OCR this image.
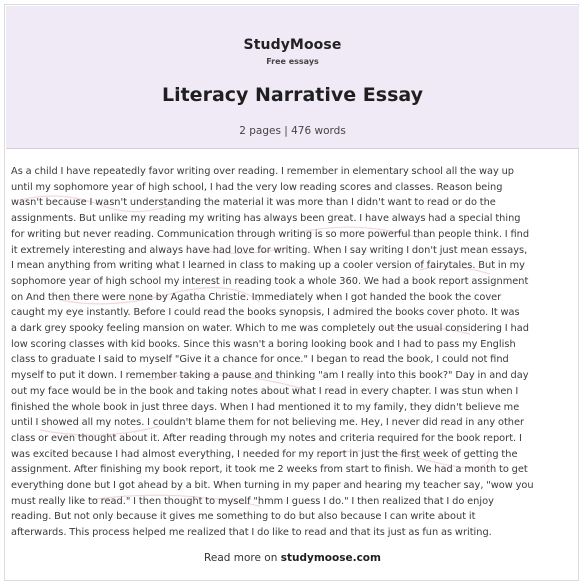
StudyMoose
Free essays
Literacy Narrative Essay
2 pages | 476 words
As a child I have repeatedly favor writing over reading. I remember in elementary school all the way up
until my sophomore year of high school, I had the very low reading scores and classes. Reason being
wasn't because I wasn't understanding the material it was more than I didn't want to read or do the
assignments. But unlike my reading my writing has always been great. I have always had a special thing
for writing but never reading. Communication through writing is so more powerful than people think. I find
it extremely interesting and always have had love for writing. When I say writing I don't just mean essays,
I mean anything from writing what I learned in class to making up a cooler version of fairytales. But in my
sophomore year of high school my interest in reading took a whole 360. We had a book report assignment
on And then there were none by Agatha Christie. Immediately when I got handed the book the cover
caught my eye instantly. Before I could read the books synopsis, I admired the books cover photo. It was
a dark grey spooky feeling mansion on water. Which to me was completely out the usual considering I had
low scoring classes with kid books. Since this wasn't a boring looking book and I had to pass my English
class to graduate I said to myself "Give it a chance for once." I began to read the book, I could not find
myself to put it down. I remember taking a pause and thinking "am I really into this book?" Day in and day
out my face would be in the book and taking notes about what I read in every chapter. I was stun when I
finished the whole book in just three days. When I had mentioned it to my family, they didn't believe me
until I showed all my notes. I couldn't blame them for not believing me. Hey, I never did read in any other
class or even thought about it. After reading through my notes and criteria required for the book report. I
was excited because I had almost everything, I needed for my report in just the first week of getting the
assignment. After finishing my book report, it took me 2 weeks from start to finish. We had a month to get
everything done but I got ahead by a bit. When turning in my paper and hearing my teacher say, "wow you
must really like to read." I then thought to myself "hmm I guess I do." I then realized that I do enjoy
reading. But not only because it gives me something to do but also because I can write about it
afterwards. This process helped me realized that I do like to read and that its just as fun as writing.
Read more on studymoose.com
